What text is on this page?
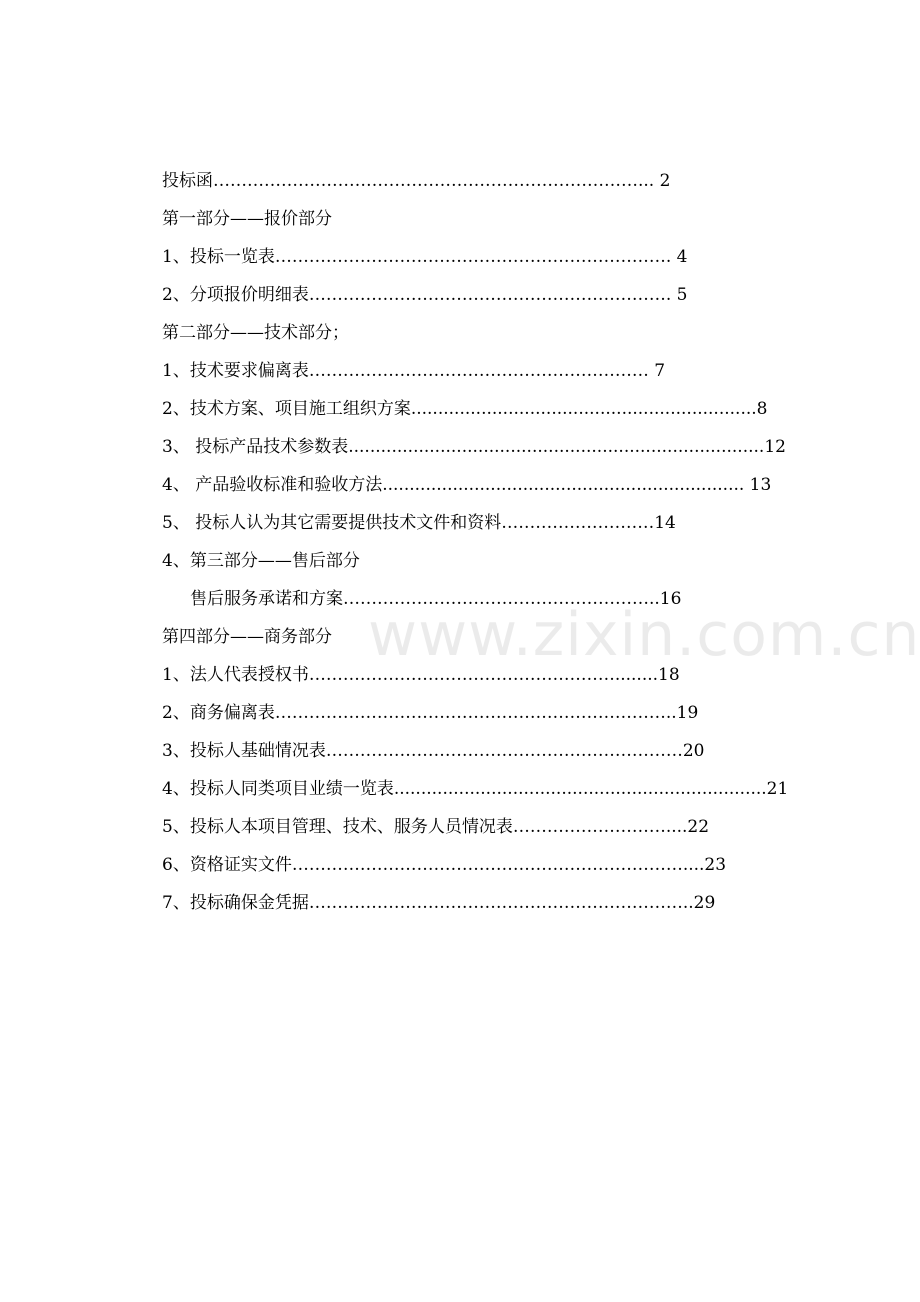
投标函…………………………………………………………………... 2
第一部分——报价部分
1、投标一览表……………………………………………………………. 4
2、分项报价明细表………………………………………………………. 5
第二部分——技术部分；
1、技术要求偏离表…………………………………………………… 7
2、技术方案、项目施工组织方案................................................................8
3、 投标产品技术参数表.............................................................................12
4、 产品验收标准和验收方法................................................................... 13
5、 投标人认为其它需要提供技术文件和资料………………………14
4、第三部分——售后部分
售后服务承诺和方案………………………………………………..16
第四部分——商务部分
1、法人代表授权书………………………………………………........18
2、商务偏离表……………………………………………………………..19
3、投标人基础情况表………………………………………………………20
4、投标人同类项目业绩一览表.....................................................................21
5、投标人本项目管理、技术、服务人员情况表………………………....22
6、资格证实文件……………………………………………………………....23
7、投标确保金凭据…………………………………………………………..29
www.zixin.com.cn
